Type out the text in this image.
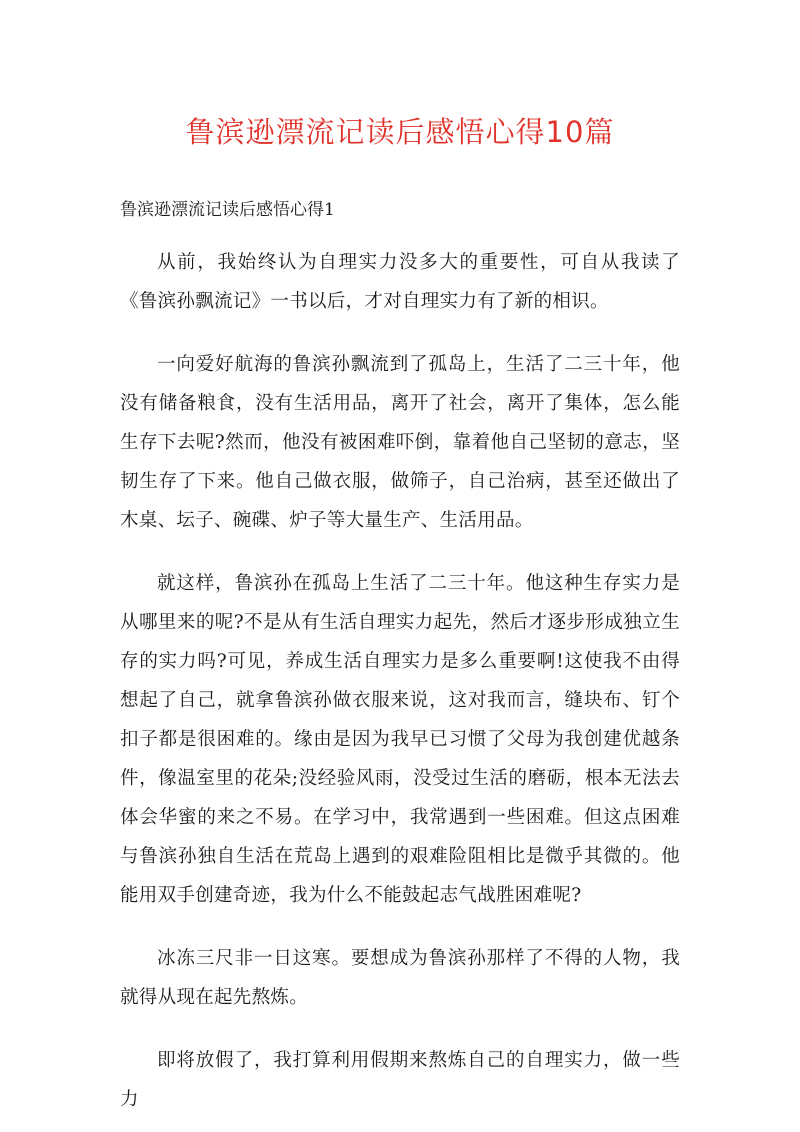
鲁滨逊漂流记读后感悟心得10篇

鲁滨逊漂流记读后感悟心得1

从前，我始终认为自理实力没多大的重要性，可自从我读了《鲁滨孙飘流记》一书以后，才对自理实力有了新的相识。

一向爱好航海的鲁滨孙飘流到了孤岛上，生活了二三十年，他没有储备粮食，没有生活用品，离开了社会，离开了集体，怎么能生存下去呢?然而，他没有被困难吓倒，靠着他自己坚韧的意志，坚韧生存了下来。他自己做衣服，做筛子，自己治病，甚至还做出了木桌、坛子、碗碟、炉子等大量生产、生活用品。

就这样，鲁滨孙在孤岛上生活了二三十年。他这种生存实力是从哪里来的呢?不是从有生活自理实力起先，然后才逐步形成独立生存的实力吗?可见，养成生活自理实力是多么重要啊!这使我不由得想起了自己，就拿鲁滨孙做衣服来说，这对我而言，缝块布、钉个扣子都是很困难的。缘由是因为我早已习惯了父母为我创建优越条件，像温室里的花朵;没经验风雨，没受过生活的磨砺，根本无法去体会华蜜的来之不易。在学习中，我常遇到一些困难。但这点困难与鲁滨孙独自生活在荒岛上遇到的艰难险阻相比是微乎其微的。他能用双手创建奇迹，我为什么不能鼓起志气战胜困难呢?

冰冻三尺非一日这寒。要想成为鲁滨孙那样了不得的人物，我就得从现在起先熬炼。

即将放假了，我打算利用假期来熬炼自己的自理实力，做一些力
